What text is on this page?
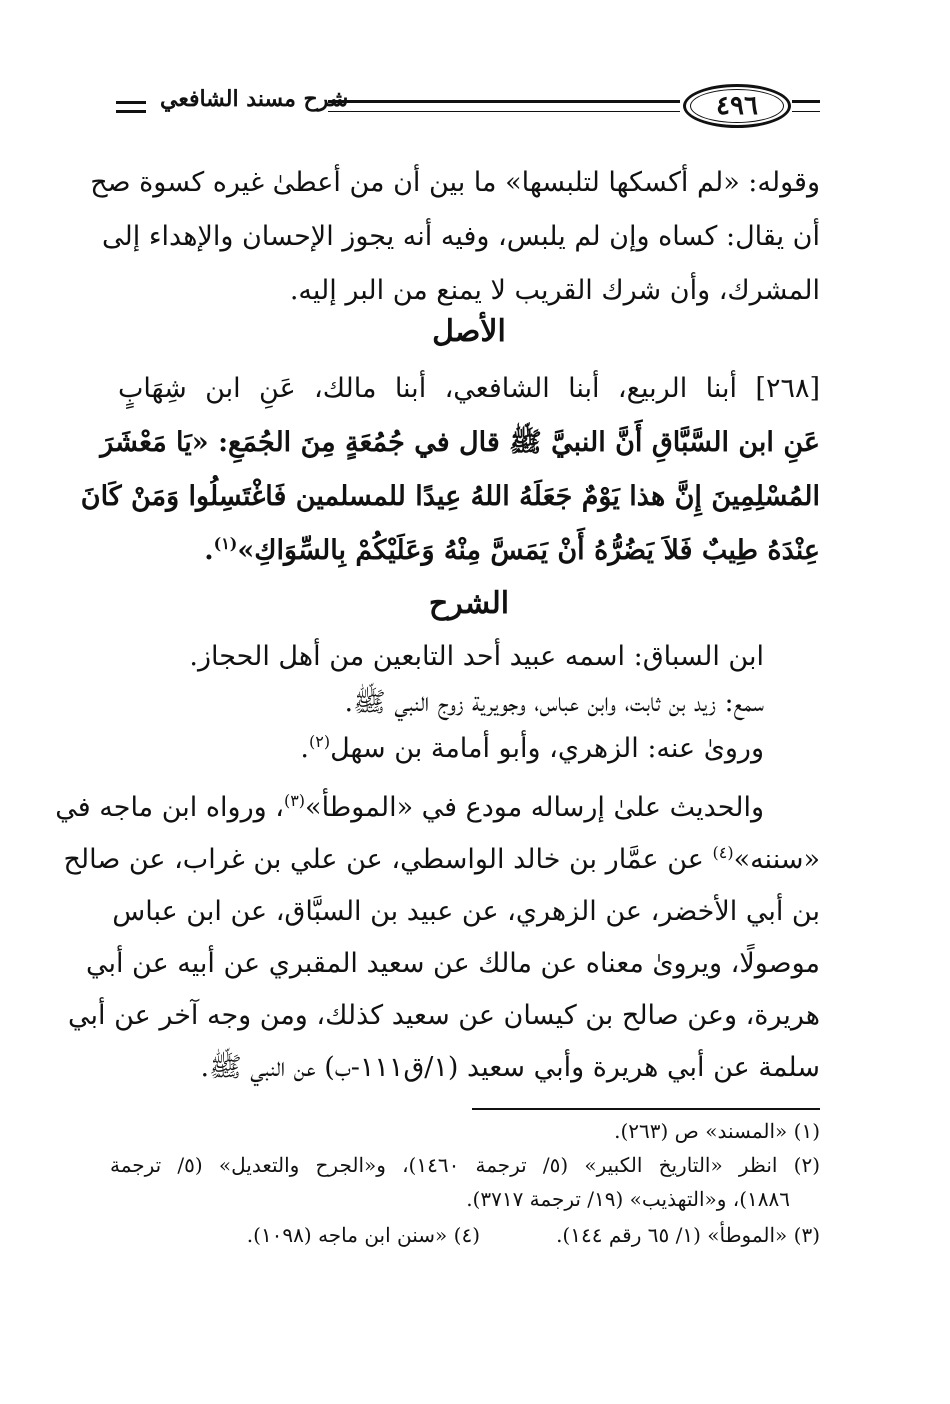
شرح مسند الشافعي	٤٩٦
وقوله: «لم أكسكها لتلبسها» ما بين أن من أعطىٰ غيره كسوة صح
أن يقال: كساه وإن لم يلبس، وفيه أنه يجوز الإحسان والإهداء إلى
المشرك، وأن شرك القريب لا يمنع من البر إليه.
الأصل
[٢٦٨] أبنا الربيع، أبنا الشافعي، أبنا مالك، عَنِ ابن شِهَابٍ
عَنِ ابن السَّبَّاقِ أَنَّ النبيَّ ﷺ قال في جُمُعَةٍ مِنَ الجُمَعِ: «يَا مَعْشَرَ
المُسْلِمِينَ إِنَّ هذا يَوْمٌ جَعَلَهُ اللهُ عِيدًا للمسلمين فَاغْتَسِلُوا وَمَنْ كَانَ
عِنْدَهُ طِيبٌ فَلاَ يَضُرُّهُ أَنْ يَمَسَّ مِنْهُ وَعَلَيْكُمْ بِالسِّوَاكِ»$^{(١)}$.
الشرح
ابن السباق: اسمه عبيد أحد التابعين من أهل الحجاز.
سمع: زيد بن ثابت، وابن عباس، وجويرية زوج النبي ﷺ.
وروىٰ عنه: الزهري، وأبو أمامة بن سهل$^{(٢)}$.
والحديث علىٰ إرساله مودع في «الموطأ»$^{(٣)}$، ورواه ابن ماجه في
«سننه»$^{(٤)}$ عن عمَّار بن خالد الواسطي، عن علي بن غراب، عن صالح
بن أبي الأخضر، عن الزهري، عن عبيد بن السبَّاق، عن ابن عباس
موصولًا، ويروىٰ معناه عن مالك عن سعيد المقبري عن أبيه عن أبي
هريرة، وعن صالح بن كيسان عن سعيد كذلك، ومن وجه آخر عن أبي
سلمة عن أبي هريرة وأبي سعيد (١/ق١١١-ب) عن النبي ﷺ.
(١) «المسند» ص (٢٦٣).
(٢) انظر «التاريخ الكبير» (٥/ ترجمة ١٤٦٠)، و«الجرح والتعديل» (٥/ ترجمة
١٨٨٦)، و«التهذيب» (١٩/ ترجمة ٣٧١٧).
(٣) «الموطأ» (١/ ٦٥ رقم ١٤٤).
(٤) «سنن ابن ماجه (١٠٩٨).
